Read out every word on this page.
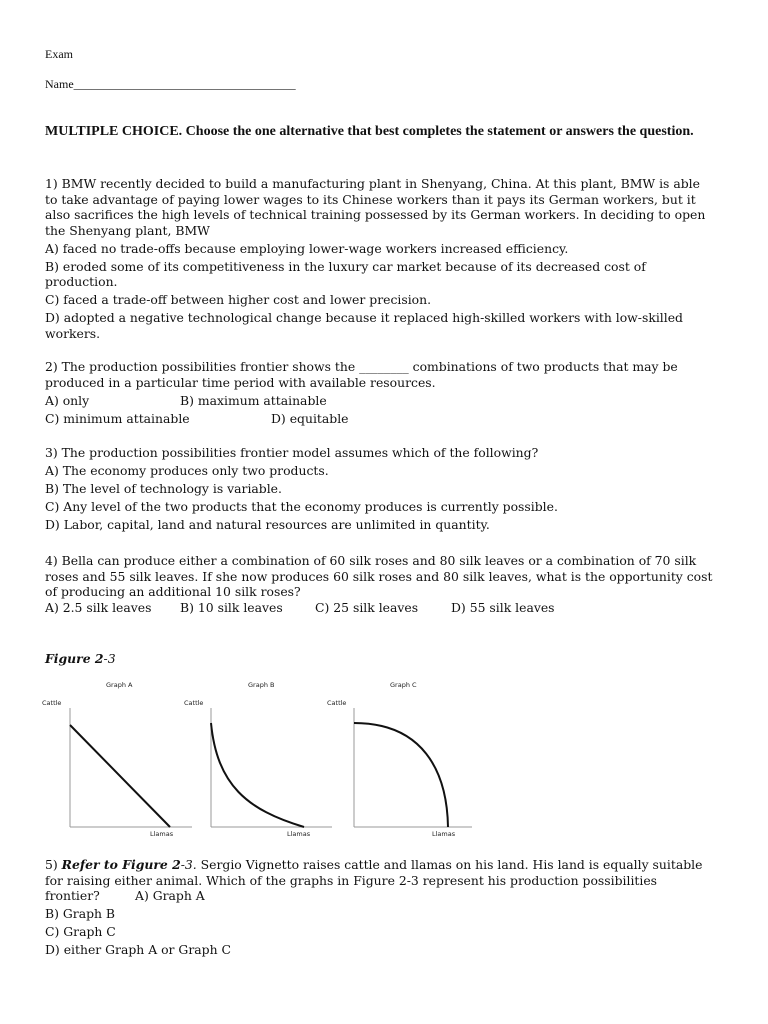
Exam
Name_____________________________________
MULTIPLE CHOICE. Choose the one alternative that best completes the statement or answers the question.
1) BMW recently decided to build a manufacturing plant in Shenyang, China. At this plant, BMW is able
to take advantage of paying lower wages to its Chinese workers than it pays its German workers, but it
also sacrifices the high levels of technical training possessed by its German workers. In deciding to open
the Shenyang plant, BMW
A) faced no trade-offs because employing lower-wage workers increased efficiency.
B) eroded some of its competitiveness in the luxury car market because of its decreased cost of
production.
C) faced a trade-off between higher cost and lower precision.
D) adopted a negative technological change because it replaced high-skilled workers with low-skilled
workers.
2) The production possibilities frontier shows the ________ combinations of two products that may be
produced in a particular time period with available resources.
A) only	B) maximum attainable
C) minimum attainable	D) equitable
3) The production possibilities frontier model assumes which of the following?
A) The economy produces only two products.
B) The level of technology is variable.
C) Any level of the two products that the economy produces is currently possible.
D) Labor, capital, land and natural resources are unlimited in quantity.
4) Bella can produce either a combination of 60 silk roses and 80 silk leaves or a combination of 70 silk
roses and 55 silk leaves. If she now produces 60 silk roses and 80 silk leaves, what is the opportunity cost
of producing an additional 10 silk roses?
A) 2.5 silk leaves	B) 10 silk leaves	C) 25 silk leaves	D) 55 silk leaves
Figure 2-3
Graph A
Cattle
Llamas
Graph B
Cattle
Llamas
Graph C
Cattle
Llamas
5) Refer to Figure 2-3. Sergio Vignetto raises cattle and llamas on his land. His land is equally suitable
for raising either animal. Which of the graphs in Figure 2-3 represent his production possibilities
frontier?	A) Graph A
B) Graph B
C) Graph C
D) either Graph A or Graph C
